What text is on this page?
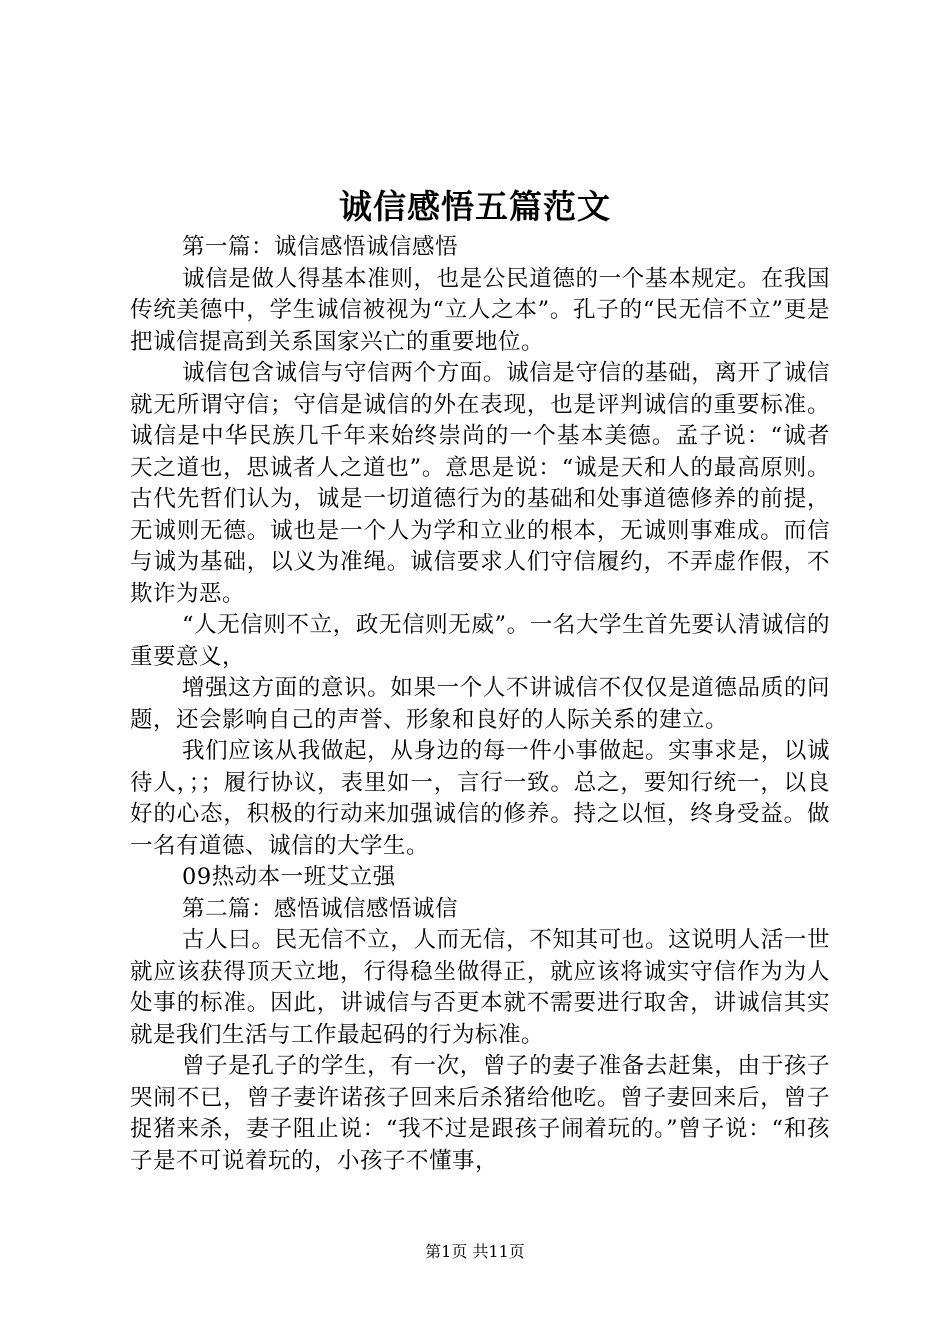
诚信感悟五篇范文

第一篇：诚信感悟诚信感悟

诚信是做人得基本准则，也是公民道德的一个基本规定。在我国传统美德中，学生诚信被视为“立人之本”。孔子的“民无信不立”更是把诚信提高到关系国家兴亡的重要地位。

诚信包含诚信与守信两个方面。诚信是守信的基础，离开了诚信就无所谓守信；守信是诚信的外在表现，也是评判诚信的重要标准。诚信是中华民族几千年来始终崇尚的一个基本美德。孟子说：“诚者天之道也，思诚者人之道也”。意思是说：“诚是天和人的最高原则。古代先哲们认为，诚是一切道德行为的基础和处事道德修养的前提，无诚则无德。诚也是一个人为学和立业的根本，无诚则事难成。而信与诚为基础，以义为准绳。诚信要求人们守信履约，不弄虚作假，不欺诈为恶。

“人无信则不立，政无信则无威”。一名大学生首先要认清诚信的重要意义，

增强这方面的意识。如果一个人不讲诚信不仅仅是道德品质的问题，还会影响自己的声誉、形象和良好的人际关系的建立。

我们应该从我做起，从身边的每一件小事做起。实事求是，以诚待人，；；履行协议，表里如一，言行一致。总之，要知行统一，以良好的心态，积极的行动来加强诚信的修养。持之以恒，终身受益。做一名有道德、诚信的大学生。

09热动本一班艾立强

第二篇：感悟诚信感悟诚信

古人曰。民无信不立，人而无信，不知其可也。这说明人活一世就应该获得顶天立地，行得稳坐做得正，就应该将诚实守信作为为人处事的标准。因此，讲诚信与否更本就不需要进行取舍，讲诚信其实就是我们生活与工作最起码的行为标准。

曾子是孔子的学生，有一次，曾子的妻子准备去赶集，由于孩子哭闹不已，曾子妻许诺孩子回来后杀猪给他吃。曾子妻回来后，曾子捉猪来杀，妻子阻止说：“我不过是跟孩子闹着玩的。”曾子说：“和孩子是不可说着玩的，小孩子不懂事，

第1页 共11页
